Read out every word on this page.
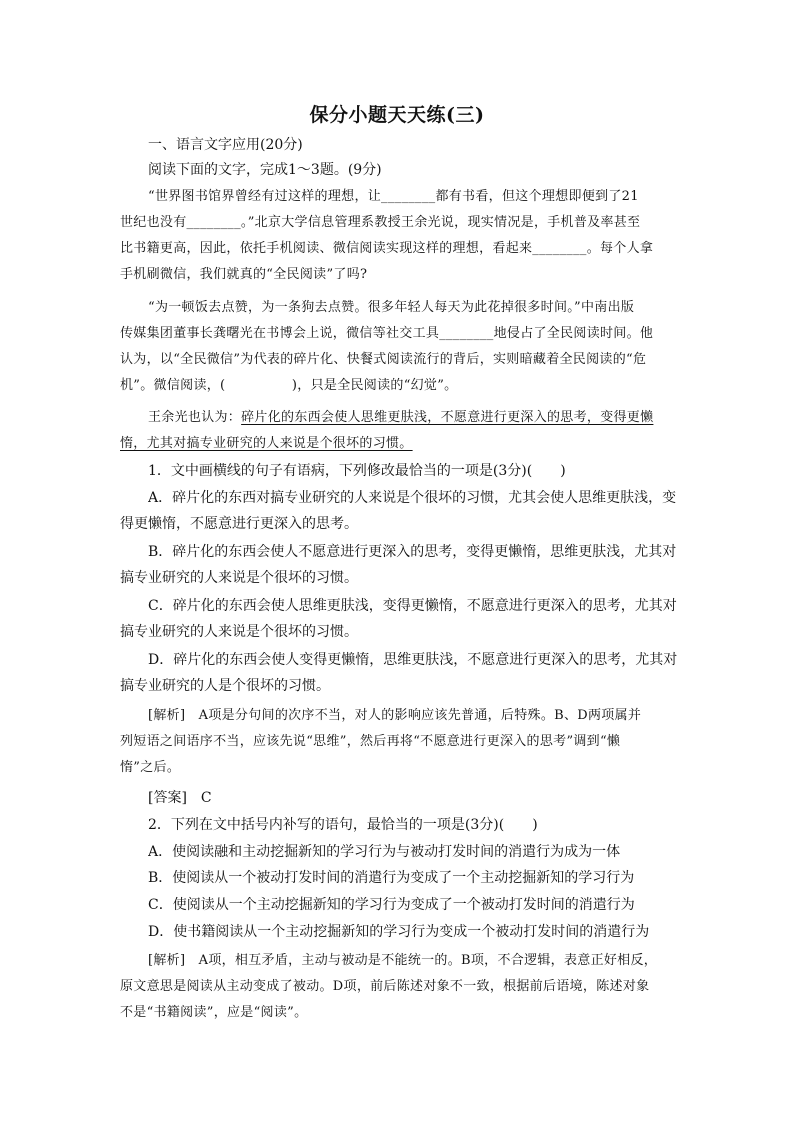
保分小题天天练(三)
一、语言文字应用(20分)
阅读下面的文字，完成1～3题。(9分)
“世界图书馆界曾经有过这样的理想，让________都有书看，但这个理想即便到了21
世纪也没有________。”北京大学信息管理系教授王余光说，现实情况是，手机普及率甚至
比书籍更高，因此，依托手机阅读、微信阅读实现这样的理想，看起来________。每个人拿
手机刷微信，我们就真的“全民阅读”了吗?
“为一顿饭去点赞，为一条狗去点赞。很多年轻人每天为此花掉很多时间。”中南出版
传媒集团董事长龚曙光在书博会上说，微信等社交工具________地侵占了全民阅读时间。他
认为，以“全民微信”为代表的碎片化、快餐式阅读流行的背后，实则暗藏着全民阅读的“危
机”。微信阅读，(　　　　　)，只是全民阅读的“幻觉”。
王余光也认为：碎片化的东西会使人思维更肤浅，不愿意进行更深入的思考，变得更懒
惰，尤其对搞专业研究的人来说是个很坏的习惯。
1．文中画横线的句子有语病，下列修改最恰当的一项是(3分)(　　)
A．碎片化的东西对搞专业研究的人来说是个很坏的习惯，尤其会使人思维更肤浅，变
得更懒惰，不愿意进行更深入的思考。
B．碎片化的东西会使人不愿意进行更深入的思考，变得更懒惰，思维更肤浅，尤其对
搞专业研究的人来说是个很坏的习惯。
C．碎片化的东西会使人思维更肤浅，变得更懒惰，不愿意进行更深入的思考，尤其对
搞专业研究的人来说是个很坏的习惯。
D．碎片化的东西会使人变得更懒惰，思维更肤浅，不愿意进行更深入的思考，尤其对
搞专业研究的人是个很坏的习惯。
[解析]　A项是分句间的次序不当，对人的影响应该先普通，后特殊。B、D两项属并
列短语之间语序不当，应该先说“思维”，然后再将“不愿意进行更深入的思考”调到“懒
惰”之后。
[答案]　C
2．下列在文中括号内补写的语句，最恰当的一项是(3分)(　　)
A．使阅读融和主动挖掘新知的学习行为与被动打发时间的消遣行为成为一体
B．使阅读从一个被动打发时间的消遣行为变成了一个主动挖掘新知的学习行为
C．使阅读从一个主动挖掘新知的学习行为变成了一个被动打发时间的消遣行为
D．使书籍阅读从一个主动挖掘新知的学习行为变成一个被动打发时间的消遣行为
[解析]　A项，相互矛盾，主动与被动是不能统一的。B项，不合逻辑，表意正好相反，
原文意思是阅读从主动变成了被动。D项，前后陈述对象不一致，根据前后语境，陈述对象
不是“书籍阅读”，应是“阅读”。
